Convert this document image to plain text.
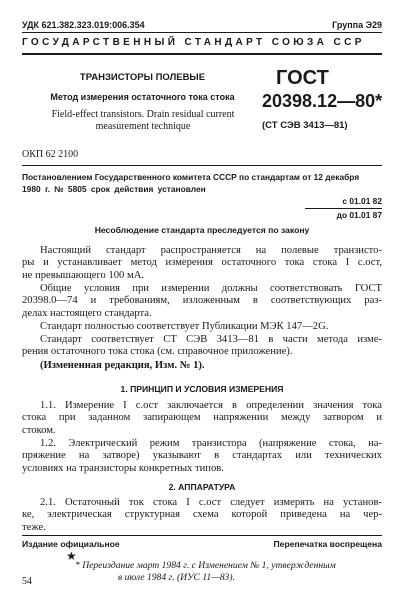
УДК 621.382.323.019:006.354	Группа Э29
ГОСУДАРСТВЕННЫЙ СТАНДАРТ СОЮЗА ССР
ТРАНЗИСТОРЫ ПОЛЕВЫЕ
Метод измерения остаточного тока стока
Field-effect transistors. Drain residual current
measurement technique
ГОСТ
20398.12—80*
(СТ СЭВ 3413—81)
ОКП 62 2100
Постановлением Государственного комитета СССР по стандартам от 12 декабря
1980 г. № 5805 срок действия установлен
с 01.01 82
до 01.01 87
Несоблюдение стандарта преследуется по закону
Настоящий стандарт распространяется на полевые транзисто-
ры и устанавливает метод измерения остаточного тока стока I с.ост,
не превышающего 100 мА.
Общие условия при измерении должны соответствовать ГОСТ
20398.0—74 и требованиям, изложенным в соответствующих раз-
делах настоящего стандарта.
Стандарт полностью соответствует Публикации МЭК 147—2G.
Стандарт соответствует СТ СЭВ 3413—81 в части метода изме-
рения остаточного тока стока (см. справочное приложение).
(Измененная редакция, Изм. № 1).
1. ПРИНЦИП И УСЛОВИЯ ИЗМЕРЕНИЯ
1.1. Измерение I с.ост заключается в определении значения тока
стока при заданном запирающем напряжении между затвором и
стоком.
1.2. Электрический режим транзистора (напряжение стока, на-
пряжение на затворе) указывают в стандартах или технических
условиях на транзисторы конкретных типов.
2. АППАРАТУРА
2.1. Остаточный ток стока I с.ост следует измерять на установ-
ке, электрическая структурная схема которой приведена на чер-
теже.
Издание официальное	Перепечатка воспрещена
★
* Переиздание март 1984 г. с Изменением № 1, утвержденным
в июле 1984 г. (ИУС 11—83).
54
